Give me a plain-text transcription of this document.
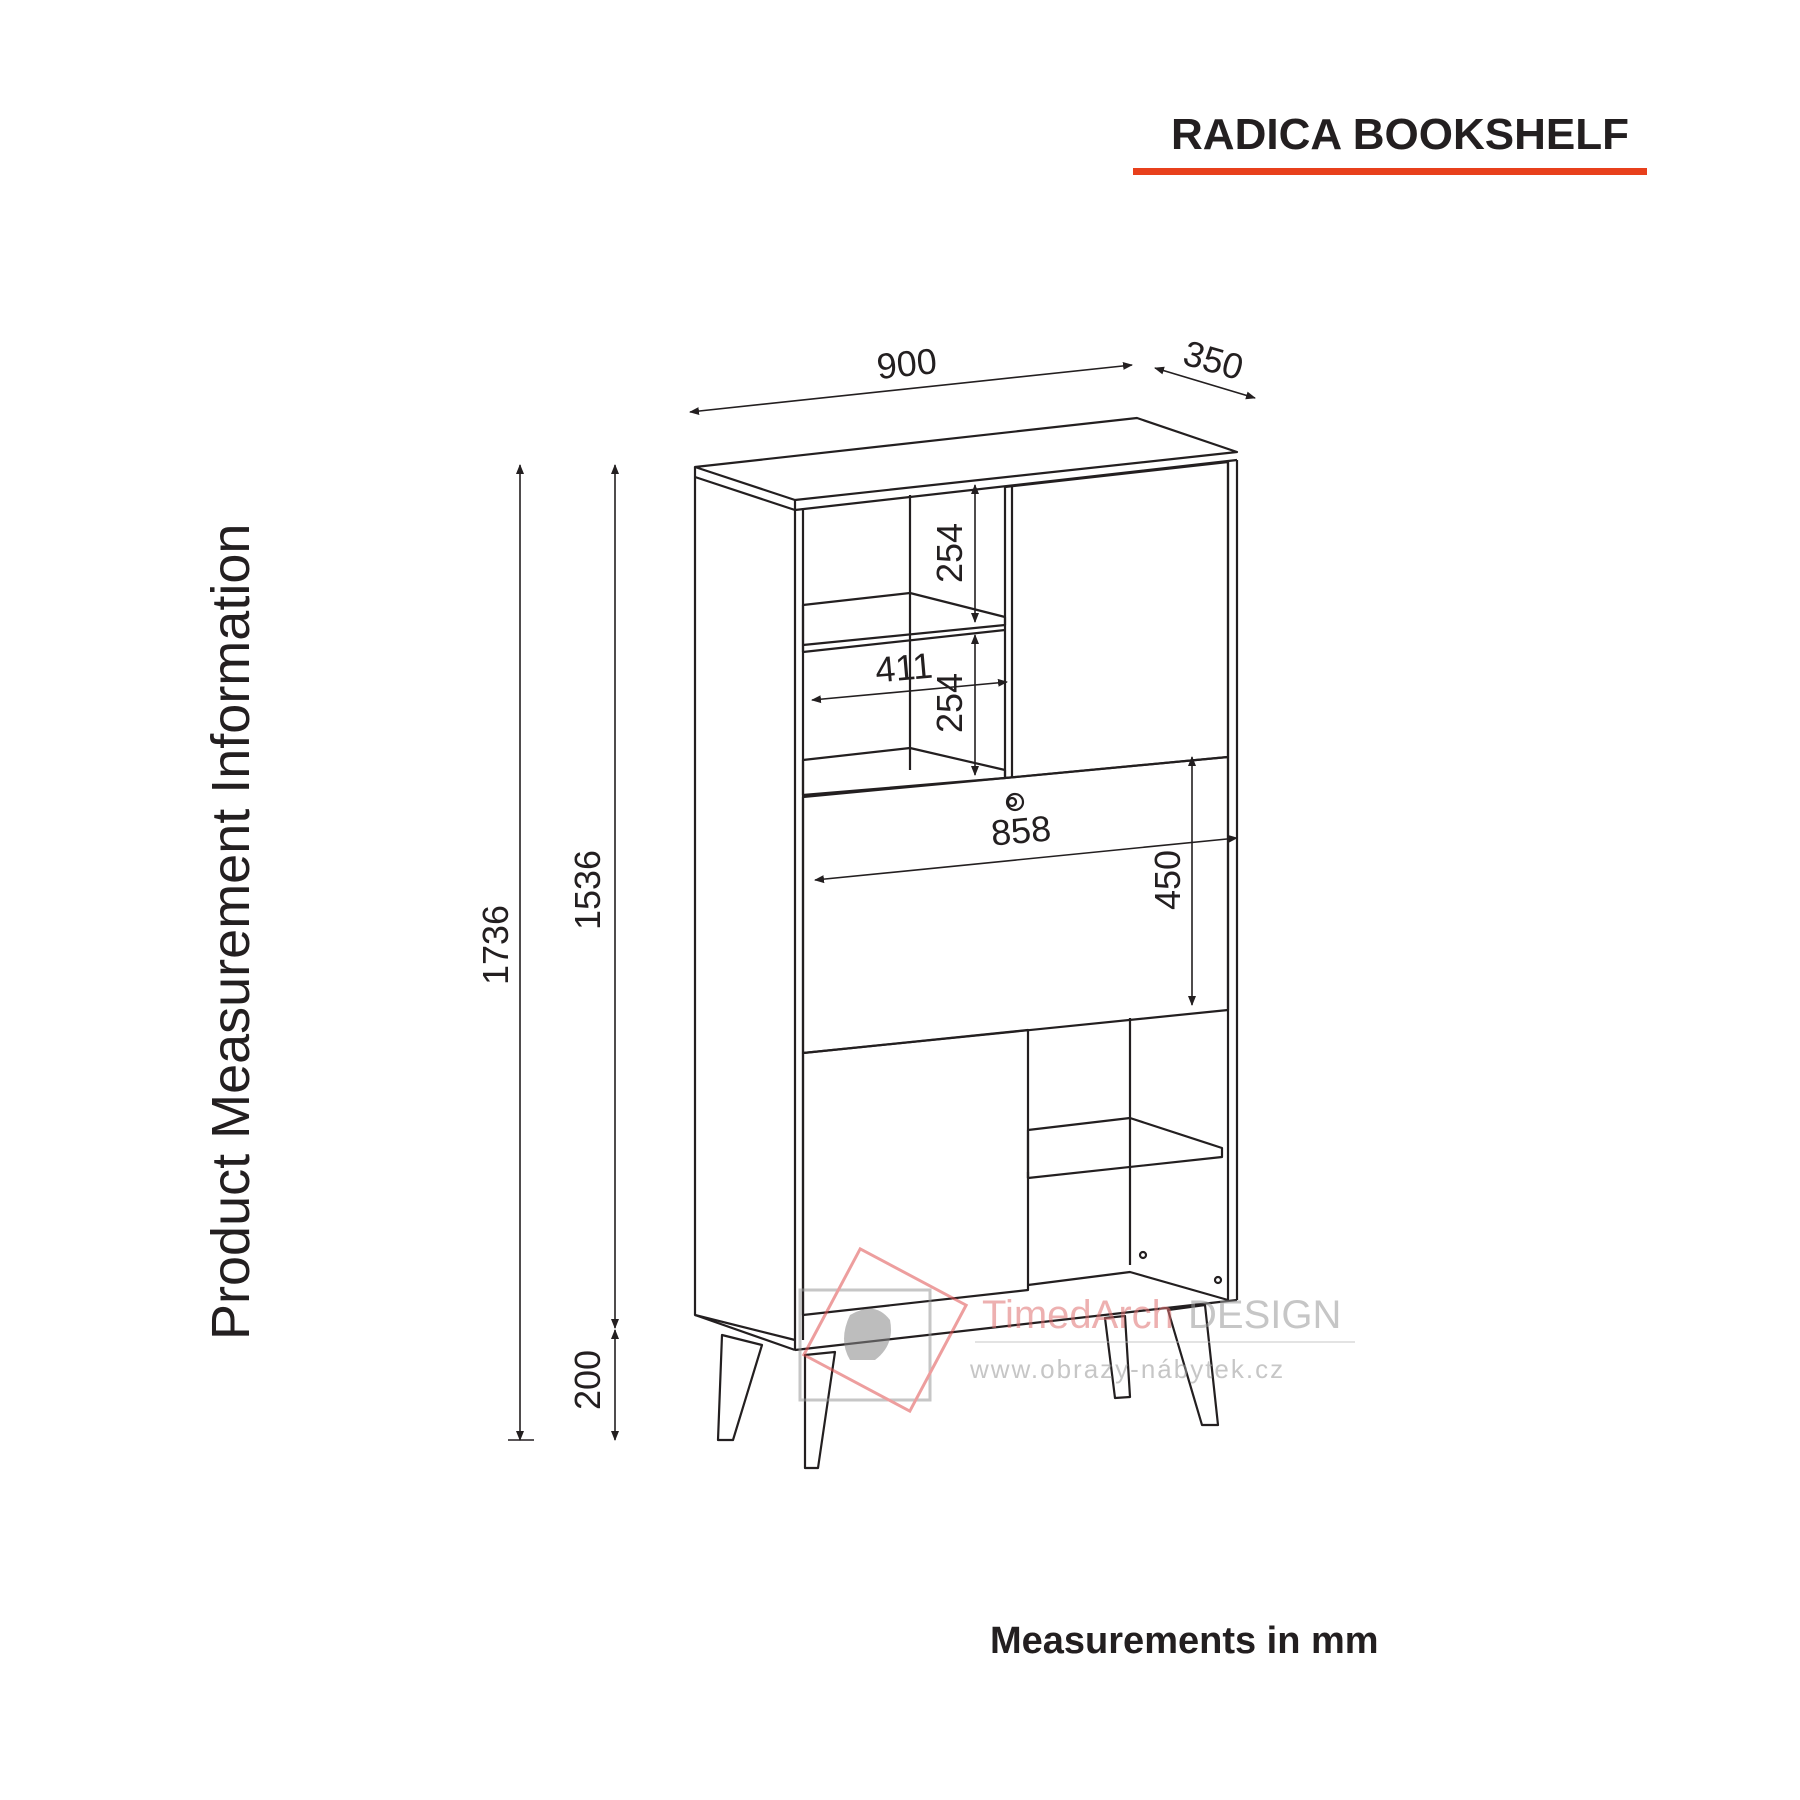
RADICA BOOKSHELF
Product Measurement Information
900	350
1736
1536
200
254
254
411
858
450
TimedArch DESIGN
www.obrazy-nábytek.cz
Measurements in mm
